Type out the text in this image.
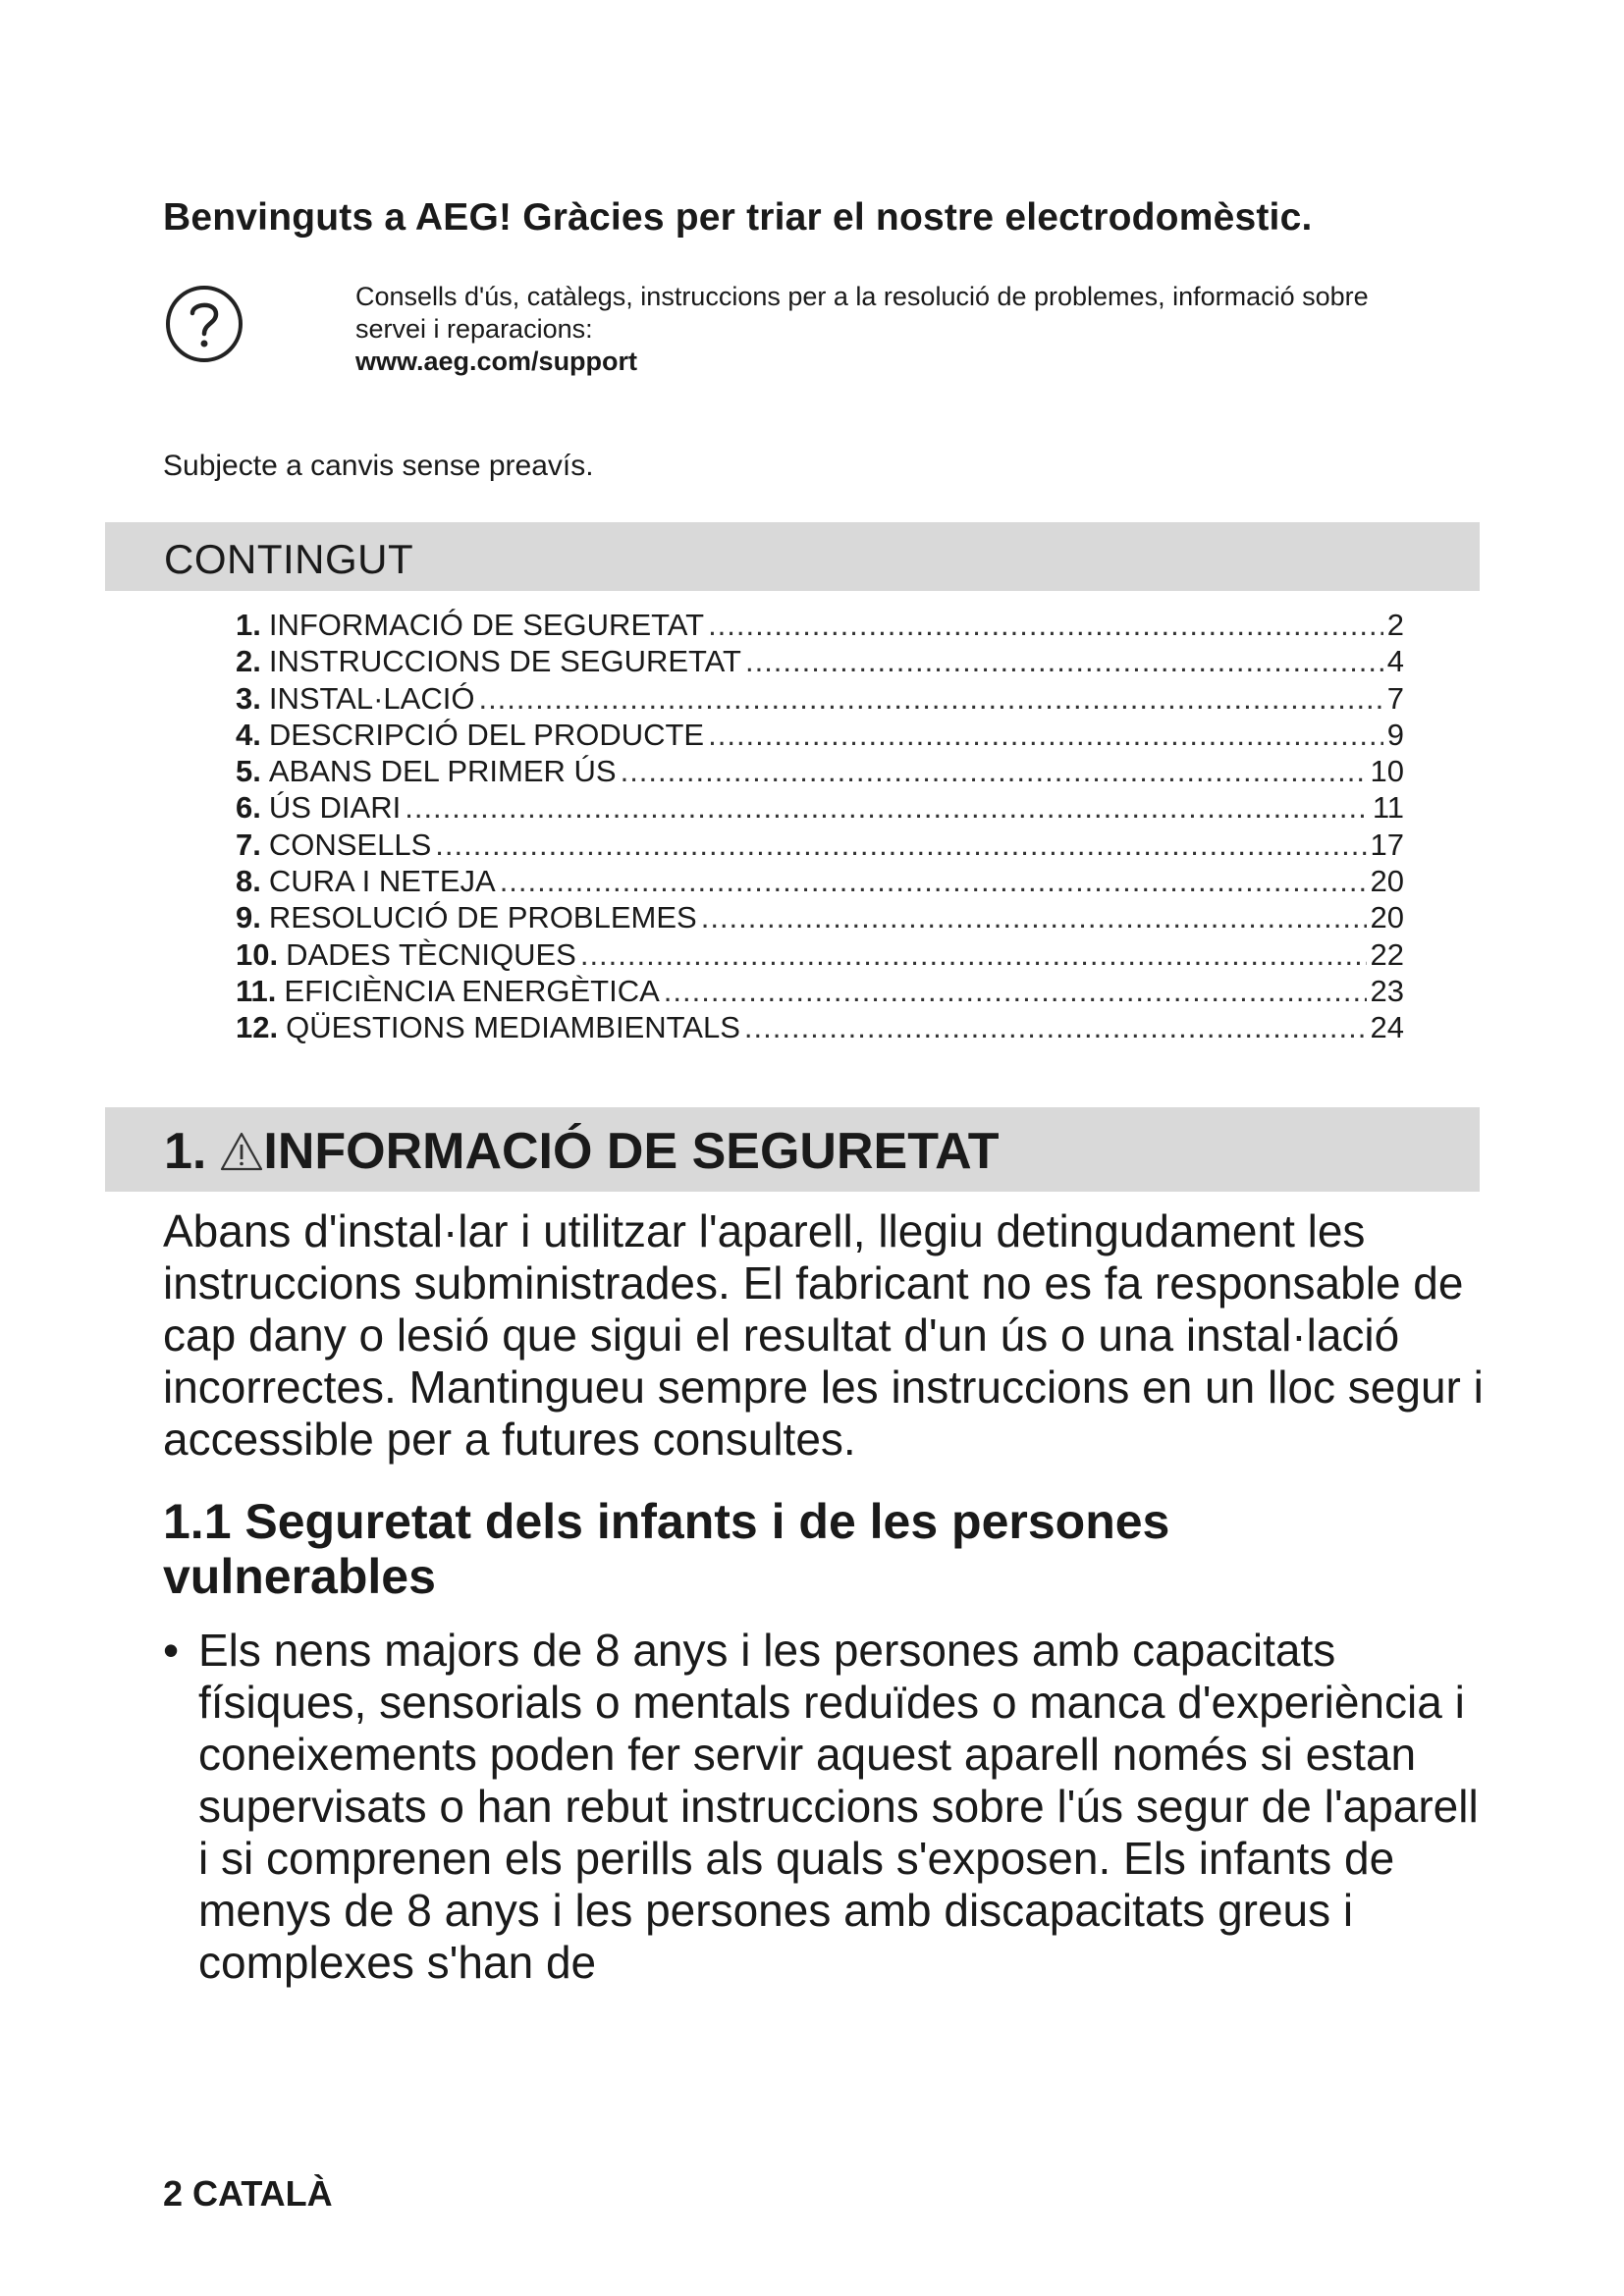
Benvinguts a AEG! Gràcies per triar el nostre electrodomèstic.
Consells d'ús, catàlegs, instruccions per a la resolució de problemes, informació sobre servei i reparacions:
www.aeg.com/support
Subjecte a canvis sense preavís.
CONTINGUT
1. INFORMACIÓ DE SEGURETAT .....	2
2. INSTRUCCIONS DE SEGURETAT .....	4
3. INSTAL·LACIÓ .....	7
4. DESCRIPCIÓ DEL PRODUCTE .....	9
5. ABANS DEL PRIMER ÚS .....	10
6. ÚS DIARI .....	11
7. CONSELLS .....	17
8. CURA I NETEJA .....	20
9. RESOLUCIÓ DE PROBLEMES .....	20
10. DADES TÈCNIQUES .....	22
11. EFICIÈNCIA ENERGÈTICA .....	23
12. QÜESTIONS MEDIAMBIENTALS .....	24
1. INFORMACIÓ DE SEGURETAT

Abans d'instal·lar i utilitzar l'aparell, llegiu detingudament les instruccions subministrades. El fabricant no es fa responsable de cap dany o lesió que sigui el resultat d'un ús o una instal·lació incorrectes. Mantingueu sempre les instruccions en un lloc segur i accessible per a futures consultes.

1.1 Seguretat dels infants i de les persones vulnerables
• Els nens majors de 8 anys i les persones amb capacitats físiques, sensorials o mentals reduïdes o manca d'experiència i coneixements poden fer servir aquest aparell només si estan supervisats o han rebut instruccions sobre l'ús segur de l'aparell i si comprenen els perills als quals s'exposen. Els infants de menys de 8 anys i les persones amb discapacitats greus i complexes s'han de
2 CATALÀ
